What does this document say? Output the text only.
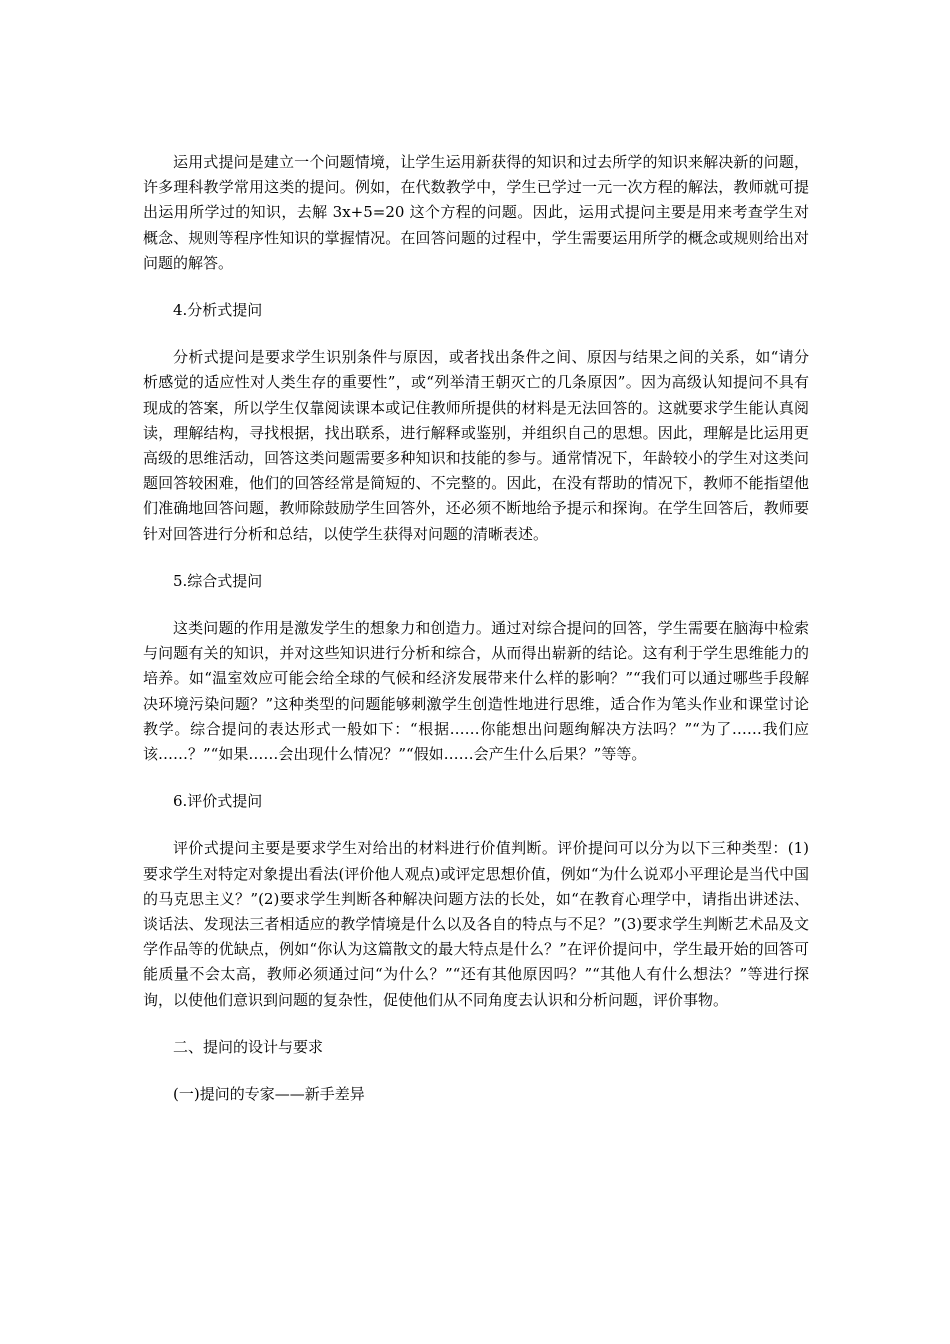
运用式提问是建立一个问题情境，让学生运用新获得的知识和过去所学的知识来解决新的问题，许多理科教学常用这类的提问。例如，在代数教学中，学生已学过一元一次方程的解法，教师就可提出运用所学过的知识，去解 3x+5=20 这个方程的问题。因此，运用式提问主要是用来考查学生对概念、规则等程序性知识的掌握情况。在回答问题的过程中，学生需要运用所学的概念或规则给出对问题的解答。

4.分析式提问

分析式提问是要求学生识别条件与原因，或者找出条件之间、原因与结果之间的关系，如“请分析感觉的适应性对人类生存的重要性”，或“列举清王朝灭亡的几条原因”。因为高级认知提问不具有现成的答案，所以学生仅靠阅读课本或记住教师所提供的材料是无法回答的。这就要求学生能认真阅读，理解结构，寻找根据，找出联系，进行解释或鉴别，并组织自己的思想。因此，理解是比运用更高级的思维活动，回答这类问题需要多种知识和技能的参与。通常情况下，年龄较小的学生对这类问题回答较困难，他们的回答经常是简短的、不完整的。因此，在没有帮助的情况下，教师不能指望他们准确地回答问题，教师除鼓励学生回答外，还必须不断地给予提示和探询。在学生回答后，教师要针对回答进行分析和总结，以使学生获得对问题的清晰表述。

5.综合式提问

这类问题的作用是激发学生的想象力和创造力。通过对综合提问的回答，学生需要在脑海中检索与问题有关的知识，并对这些知识进行分析和综合，从而得出崭新的结论。这有利于学生思维能力的培养。如“温室效应可能会给全球的气候和经济发展带来什么样的影响？”“我们可以通过哪些手段解决环境污染问题？”这种类型的问题能够刺激学生创造性地进行思维，适合作为笔头作业和课堂讨论教学。综合提问的表达形式一般如下：“根据……你能想出问题绚解决方法吗？”“为了……我们应该……？”“如果……会出现什么情况？”“假如……会产生什么后果？”等等。

6.评价式提问

评价式提问主要是要求学生对给出的材料进行价值判断。评价提问可以分为以下三种类型：(1)要求学生对特定对象提出看法(评价他人观点)或评定思想价值，例如“为什么说邓小平理论是当代中国的马克思主义？”(2)要求学生判断各种解决问题方法的长处，如“在教育心理学中，请指出讲述法、谈话法、发现法三者相适应的教学情境是什么以及各自的特点与不足？”(3)要求学生判断艺术品及文学作品等的优缺点，例如“你认为这篇散文的最大特点是什么？”在评价提问中，学生最开始的回答可能质量不会太高，教师必须通过问“为什么？”“还有其他原因吗？”“其他人有什么想法？”等进行探询，以使他们意识到问题的复杂性，促使他们从不同角度去认识和分析问题，评价事物。

二、提问的设计与要求

(一)提问的专家——新手差异
